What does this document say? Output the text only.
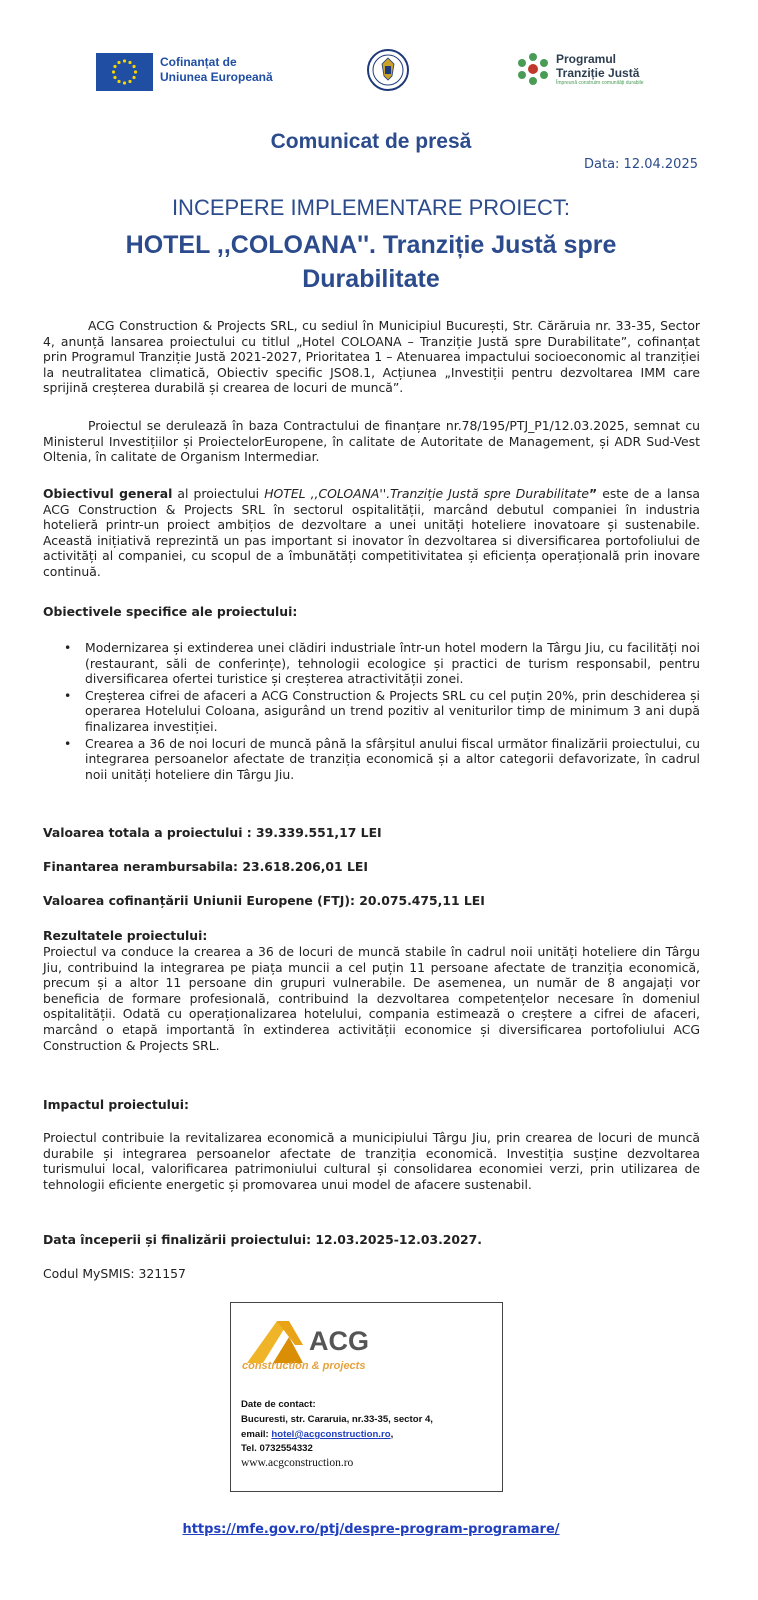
Cofinanțat de
Uniunea Europeană
Programul
Tranziție Justă
Împreună construim comunități durabile
Comunicat de presă
Data: 12.04.2025
INCEPERE IMPLEMENTARE PROIECT:
HOTEL ,,COLOANA''. Tranziție Justă spre Durabilitate
ACG Construction & Projects SRL, cu sediul în Municipiul București, Str. Cărăruia nr. 33-35, Sector 4, anunță lansarea proiectului cu titlul „Hotel COLOANA – Tranziție Justă spre Durabilitate”, cofinanțat prin Programul Tranziție Justă 2021-2027, Prioritatea 1 – Atenuarea impactului socioeconomic al tranziției la neutralitatea climatică, Obiectiv specific JSO8.1, Acțiunea „Investiții pentru dezvoltarea IMM care sprijină creșterea durabilă și crearea de locuri de muncă”.
Proiectul se derulează în baza Contractului de finanțare nr.78/195/PTJ_P1/12.03.2025, semnat cu Ministerul Investițiilor și ProiectelorEuropene, în calitate de Autoritate de Management, și ADR Sud-Vest Oltenia, în calitate de Organism Intermediar.
Obiectivul general al proiectului HOTEL ,,COLOANA''.Tranziție Justă spre Durabilitate” este de a lansa ACG Construction & Projects SRL în sectorul ospitalității, marcând debutul companiei în industria hotelieră printr-un proiect ambițios de dezvoltare a unei unități hoteliere inovatoare și sustenabile. Această inițiativă reprezintă un pas important si inovator în dezvoltarea si diversificarea portofoliului de activități al companiei, cu scopul de a îmbunătăți competitivitatea și eficiența operațională prin inovare continuă.
Obiectivele specifice ale proiectului:
• Modernizarea și extinderea unei clădiri industriale într-un hotel modern la Târgu Jiu, cu facilități noi (restaurant, săli de conferințe), tehnologii ecologice și practici de turism responsabil, pentru diversificarea ofertei turistice și creșterea atractivității zonei.
• Creșterea cifrei de afaceri a ACG Construction & Projects SRL cu cel puțin 20%, prin deschiderea și operarea Hotelului Coloana, asigurând un trend pozitiv al veniturilor timp de minimum 3 ani după finalizarea investiției.
• Crearea a 36 de noi locuri de muncă până la sfârșitul anului fiscal următor finalizării proiectului, cu integrarea persoanelor afectate de tranziția economică și a altor categorii defavorizate, în cadrul noii unități hoteliere din Târgu Jiu.
Valoarea totala a proiectului : 39.339.551,17 LEI
Finantarea nerambursabila: 23.618.206,01 LEI
Valoarea cofinanțării Uniunii Europene (FTJ): 20.075.475,11 LEI
Rezultatele proiectului:
Proiectul va conduce la crearea a 36 de locuri de muncă stabile în cadrul noii unități hoteliere din Târgu Jiu, contribuind la integrarea pe piața muncii a cel puțin 11 persoane afectate de tranziția economică, precum și a altor 11 persoane din grupuri vulnerabile. De asemenea, un număr de 8 angajați vor beneficia de formare profesională, contribuind la dezvoltarea competențelor necesare în domeniul ospitalității. Odată cu operaționalizarea hotelului, compania estimează o creștere a cifrei de afaceri, marcând o etapă importantă în extinderea activității economice și diversificarea portofoliului ACG Construction & Projects SRL.
Impactul proiectului:
Proiectul contribuie la revitalizarea economică a municipiului Târgu Jiu, prin crearea de locuri de muncă durabile și integrarea persoanelor afectate de tranziția economică. Investiția susține dezvoltarea turismului local, valorificarea patrimoniului cultural și consolidarea economiei verzi, prin utilizarea de tehnologii eficiente energetic și promovarea unui model de afacere sustenabil.
Data începerii și finalizării proiectului: 12.03.2025-12.03.2027.
Codul MySMIS: 321157
ACG
construction & projects
Date de contact:
Bucuresti, str. Cararuia, nr.33-35, sector 4,
email: hotel@acgconstruction.ro,
Tel. 0732554332
www.acgconstruction.ro
https://mfe.gov.ro/ptj/despre-program-programare/
